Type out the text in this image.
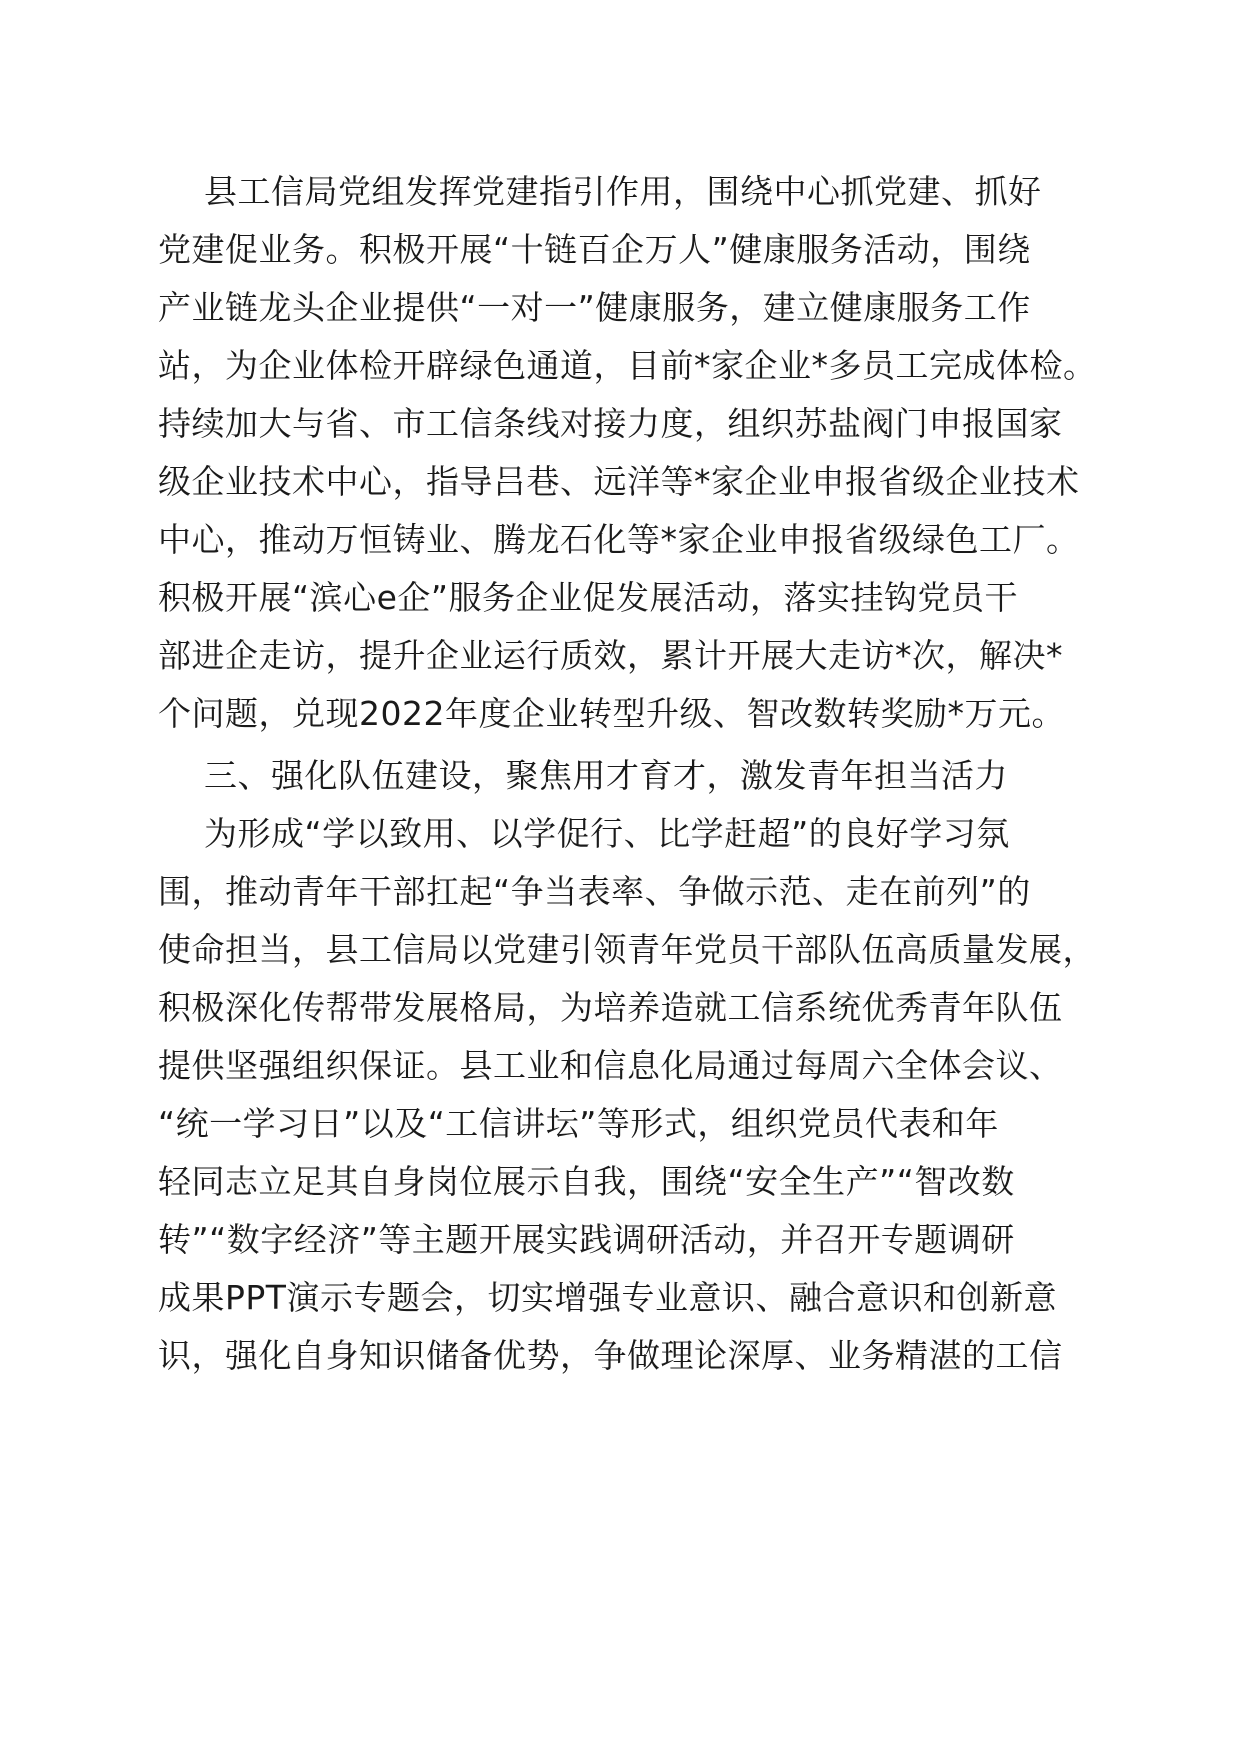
县工信局党组发挥党建指引作用，围绕中心抓党建、抓好
党建促业务。积极开展“十链百企万人”健康服务活动，围绕
产业链龙头企业提供“一对一”健康服务，建立健康服务工作
站，为企业体检开辟绿色通道，目前*家企业*多员工完成体检。
持续加大与省、市工信条线对接力度，组织苏盐阀门申报国家
级企业技术中心，指导吕巷、远洋等*家企业申报省级企业技术
中心，推动万恒铸业、腾龙石化等*家企业申报省级绿色工厂。
积极开展“滨心e企”服务企业促发展活动，落实挂钩党员干
部进企走访，提升企业运行质效，累计开展大走访*次，解决*
个问题，兑现2022年度企业转型升级、智改数转奖励*万元。
三、强化队伍建设，聚焦用才育才，激发青年担当活力
为形成“学以致用、以学促行、比学赶超”的良好学习氛
围，推动青年干部扛起“争当表率、争做示范、走在前列”的
使命担当，县工信局以党建引领青年党员干部队伍高质量发展，
积极深化传帮带发展格局，为培养造就工信系统优秀青年队伍
提供坚强组织保证。县工业和信息化局通过每周六全体会议、
“统一学习日”以及“工信讲坛”等形式，组织党员代表和年
轻同志立足其自身岗位展示自我，围绕“安全生产”“智改数
转”“数字经济”等主题开展实践调研活动，并召开专题调研
成果PPT演示专题会，切实增强专业意识、融合意识和创新意
识，强化自身知识储备优势，争做理论深厚、业务精湛的工信
